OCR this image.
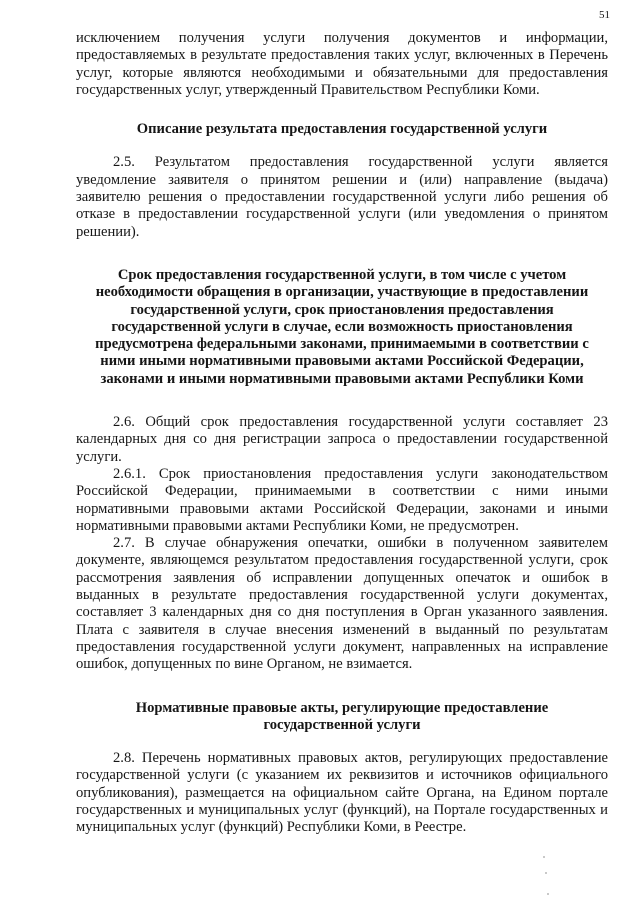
51

исключением получения услуги получения документов и информации, предоставляемых в результате предоставления таких услуг, включенных в Перечень услуг, которые являются необходимыми и обязательными для предоставления государственных услуг, утвержденный Правительством Республики Коми.

Описание результата предоставления государственной услуги

2.5. Результатом предоставления государственной услуги является уведомление заявителя о принятом решении и (или) направление (выдача) заявителю решения о предоставлении государственной услуги либо решения об отказе в предоставлении государственной услуги (или уведомления о принятом решении).

Срок предоставления государственной услуги, в том числе с учетом необходимости обращения в организации, участвующие в предоставлении государственной услуги, срок приостановления предоставления государственной услуги в случае, если возможность приостановления предусмотрена федеральными законами, принимаемыми в соответствии с ними иными нормативными правовыми актами Российской Федерации, законами и иными нормативными правовыми актами Республики Коми

2.6. Общий срок предоставления государственной услуги составляет 23 календарных дня со дня регистрации запроса о предоставлении государственной услуги.

2.6.1. Срок приостановления предоставления услуги законодательством Российской Федерации, принимаемыми в соответствии с ними иными нормативными правовыми актами Российской Федерации, законами и иными нормативными правовыми актами Республики Коми, не предусмотрен.

2.7. В случае обнаружения опечатки, ошибки в полученном заявителем документе, являющемся результатом предоставления государственной услуги, срок рассмотрения заявления об исправлении допущенных опечаток и ошибок в выданных в результате предоставления государственной услуги документах, составляет 3 календарных дня со дня поступления в Орган указанного заявления. Плата с заявителя в случае внесения изменений в выданный по результатам предоставления государственной услуги документ, направленных на исправление ошибок, допущенных по вине Органом, не взимается.

Нормативные правовые акты, регулирующие предоставление государственной услуги

2.8. Перечень нормативных правовых актов, регулирующих предоставление государственной услуги (с указанием их реквизитов и источников официального опубликования), размещается на официальном сайте Органа, на Едином портале государственных и муниципальных услуг (функций), на Портале государственных и муниципальных услуг (функций) Республики Коми, в Реестре.
